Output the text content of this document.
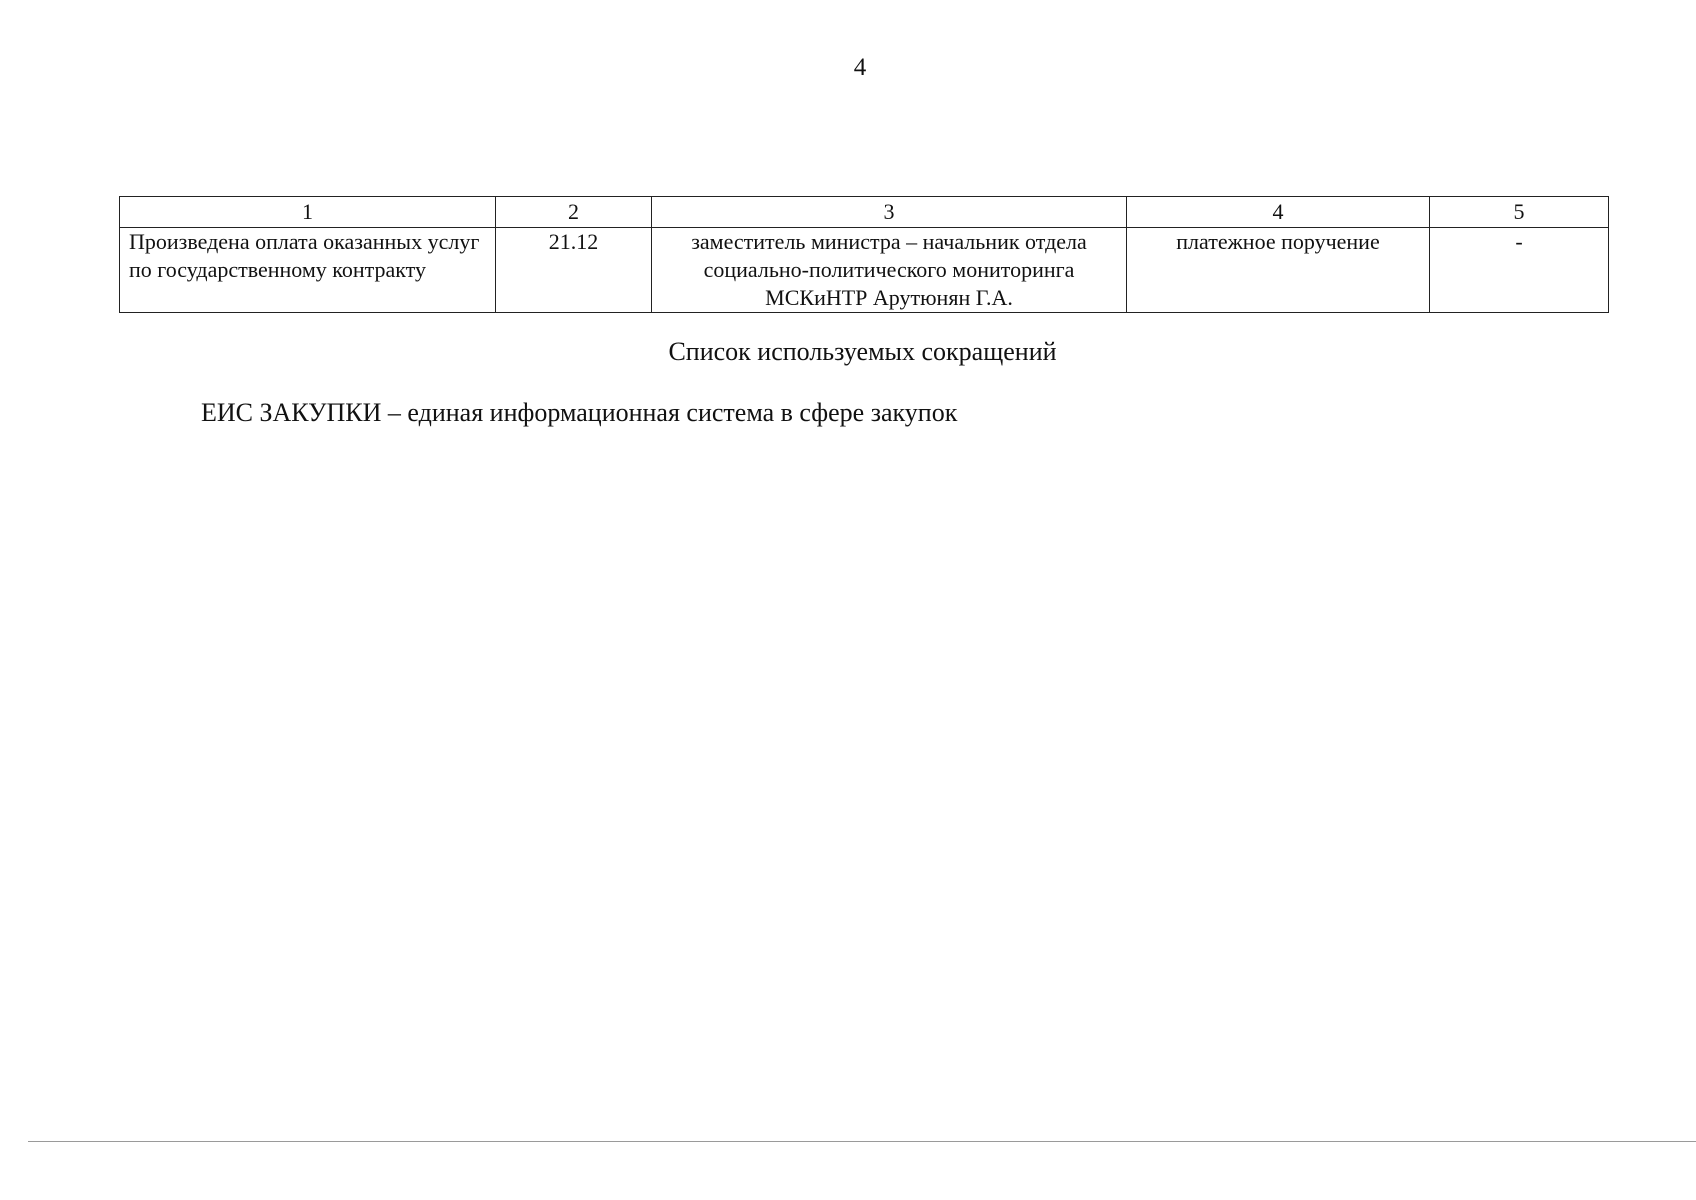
4
1	2	3	4	5
Произведена оплата оказанных услуг по государственному контракту	21.12	заместитель министра – начальник отдела социально-политического мониторинга МСКиНТР Арутюнян Г.А.	платежное поручение	-
Список используемых сокращений
ЕИС ЗАКУПКИ – единая информационная система в сфере закупок
